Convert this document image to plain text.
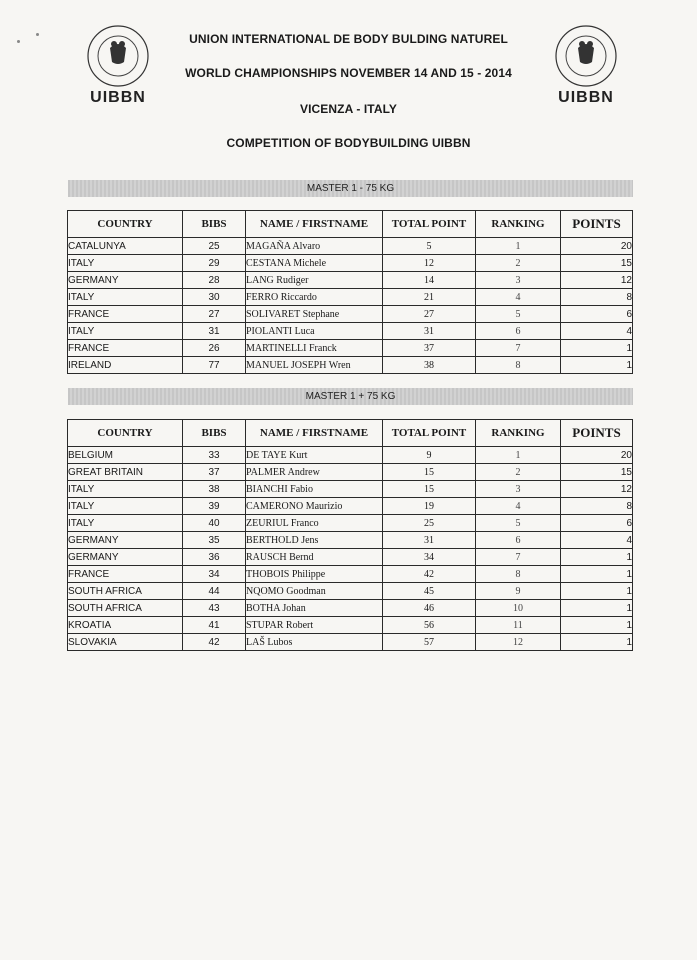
UIBBN	UIBBN
UNION INTERNATIONAL DE BODY BULDING NATUREL
WORLD CHAMPIONSHIPS NOVEMBER 14 AND 15 - 2014
VICENZA - ITALY
COMPETITION OF BODYBUILDING UIBBN
MASTER 1 - 75 KG
COUNTRY	BIBS	NAME / FIRSTNAME	TOTAL POINT	RANKING	POINTS
CATALUNYA	25	MAGAÑA Alvaro	5	1	20
ITALY	29	CESTANA Michele	12	2	15
GERMANY	28	LANG Rudiger	14	3	12
ITALY	30	FERRO Riccardo	21	4	8
FRANCE	27	SOLIVARET Stephane	27	5	6
ITALY	31	PIOLANTI Luca	31	6	4
FRANCE	26	MARTINELLI Franck	37	7	1
IRELAND	77	MANUEL JOSEPH Wren	38	8	1
MASTER 1 + 75 KG
COUNTRY	BIBS	NAME / FIRSTNAME	TOTAL POINT	RANKING	POINTS
BELGIUM	33	DE TAYE Kurt	9	1	20
GREAT BRITAIN	37	PALMER Andrew	15	2	15
ITALY	38	BIANCHI Fabio	15	3	12
ITALY	39	CAMERONO Maurizio	19	4	8
ITALY	40	ZEURIUL Franco	25	5	6
GERMANY	35	BERTHOLD Jens	31	6	4
GERMANY	36	RAUSCH Bernd	34	7	1
FRANCE	34	THOBOIS Philippe	42	8	1
SOUTH AFRICA	44	NQOMO Goodman	45	9	1
SOUTH AFRICA	43	BOTHA Johan	46	10	1
KROATIA	41	STUPAR Robert	56	11	1
SLOVAKIA	42	LAŠ Lubos	57	12	1
